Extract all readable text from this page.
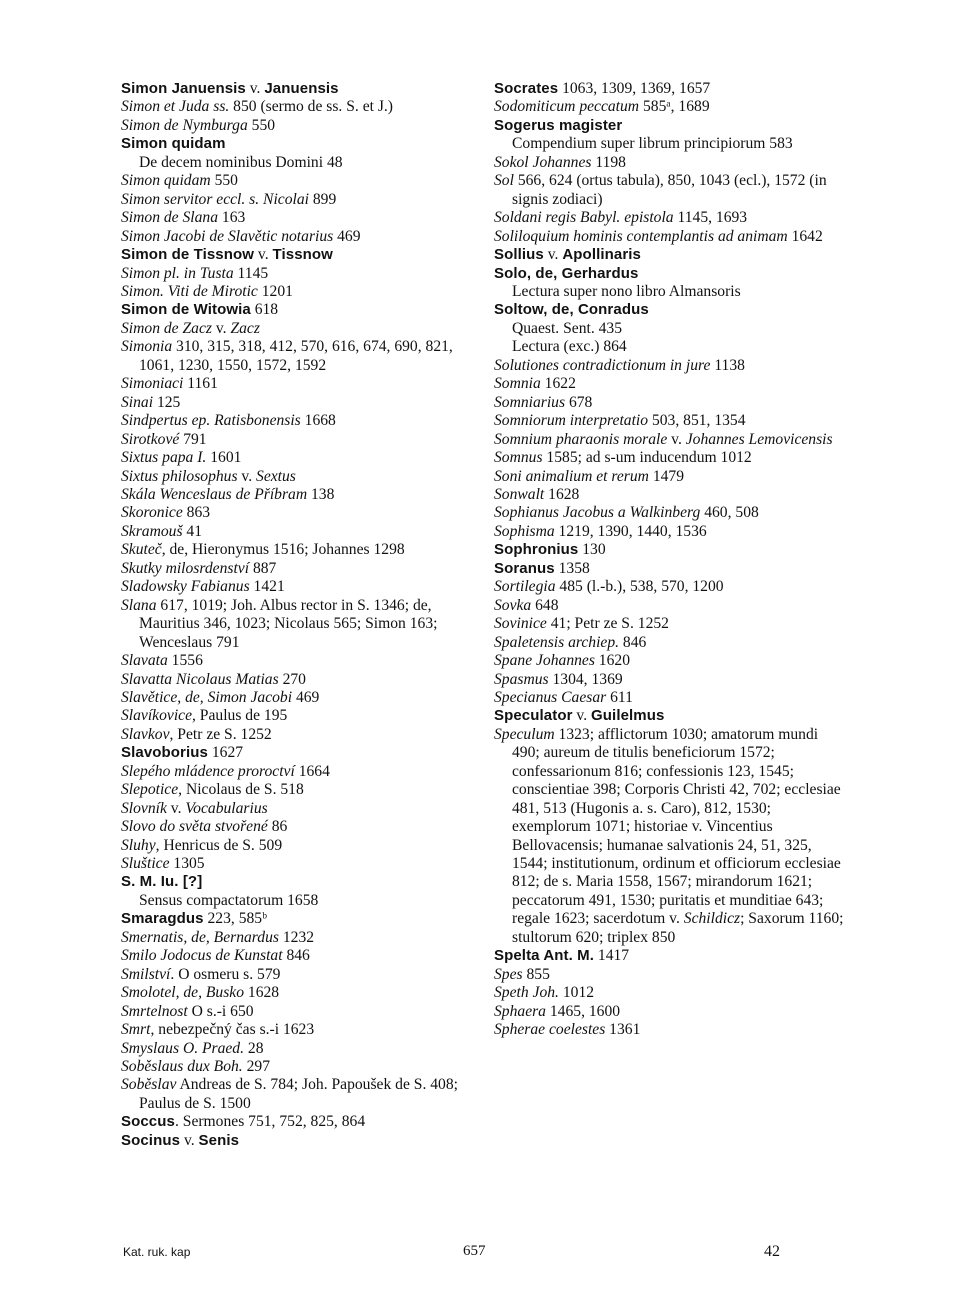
Simon Januensis v. Januensis
Simon et Juda ss. 850 (sermo de ss. S. et J.)
Simon de Nymburga 550
Simon quidam
De decem nominibus Domini 48
Simon quidam 550
Simon servitor eccl. s. Nicolai 899
Simon de Slana 163
Simon Jacobi de Slavětic notarius 469
Simon de Tissnow v. Tissnow
Simon pl. in Tusta 1145
Simon. Viti de Mirotic 1201
Simon de Witowia 618
Simon de Zacz v. Zacz
Simonia 310, 315, 318, 412, 570, 616, 674, 690, 821, 1061, 1230, 1550, 1572, 1592
Simoniaci 1161
Sinai 125
Sindpertus ep. Ratisbonensis 1668
Sirotkové 791
Sixtus papa I. 1601
Sixtus philosophus v. Sextus
Skála Wenceslaus de Příbram 138
Skoronice 863
Skramouš 41
Skuteč, de, Hieronymus 1516; Johannes 1298
Skutky milosrdenství 887
Sladowsky Fabianus 1421
Slana 617, 1019; Joh. Albus rector in S. 1346; de, Mauritius 346, 1023; Nicolaus 565; Simon 163; Wenceslaus 791
Slavata 1556
Slavatta Nicolaus Matias 270
Slavětice, de, Simon Jacobi 469
Slavíkovice, Paulus de 195
Slavkov, Petr ze S. 1252
Slavoborius 1627
Slepého mládence proroctví 1664
Slepotice, Nicolaus de S. 518
Slovník v. Vocabularius
Slovo do světa stvořené 86
Sluhy, Henricus de S. 509
Sluštice 1305
S. M. Iu. [?]
Sensus compactatorum 1658
Smaragdus 223, 585ᵇ
Smernatis, de, Bernardus 1232
Smilo Jodocus de Kunstat 846
Smilství. O osmeru s. 579
Smolotel, de, Busko 1628
Smrtelnost O s.-i 650
Smrt, nebezpečný čas s.-i 1623
Smyslaus O. Praed. 28
Soběslaus dux Boh. 297
Soběslav Andreas de S. 784; Joh. Papoušek de S. 408; Paulus de S. 1500
Soccus. Sermones 751, 752, 825, 864
Socinus v. Senis
Socrates 1063, 1309, 1369, 1657
Sodomiticum peccatum 585ᵃ, 1689
Sogerus magister
Compendium super librum principiorum 583
Sokol Johannes 1198
Sol 566, 624 (ortus tabula), 850, 1043 (ecl.), 1572 (in signis zodiaci)
Soldani regis Babyl. epistola 1145, 1693
Soliloquium hominis contemplantis ad animam 1642
Sollius v. Apollinaris
Solo, de, Gerhardus
Lectura super nono libro Almansoris
Soltow, de, Conradus
Quaest. Sent. 435
Lectura (exc.) 864
Solutiones contradictionum in jure 1138
Somnia 1622
Somniarius 678
Somniorum interpretatio 503, 851, 1354
Somnium pharaonis morale v. Johannes Lemovicensis
Somnus 1585; ad s-um inducendum 1012
Soni animalium et rerum 1479
Sonwalt 1628
Sophianus Jacobus a Walkinberg 460, 508
Sophisma 1219, 1390, 1440, 1536
Sophronius 130
Soranus 1358
Sortilegia 485 (l.-b.), 538, 570, 1200
Sovka 648
Sovinice 41; Petr ze S. 1252
Spaletensis archiep. 846
Spane Johannes 1620
Spasmus 1304, 1369
Specianus Caesar 611
Speculator v. Guilelmus
Speculum 1323; afflictorum 1030; amatorum mundi 490; aureum de titulis beneficiorum 1572; confessarionum 816; confessionis 123, 1545; conscientiae 398; Corporis Christi 42, 702; ecclesiae 481, 513 (Hugonis a. s. Caro), 812, 1530; exemplorum 1071; historiae v. Vincentius Bellovacensis; humanae salvationis 24, 51, 325, 1544; institutionum, ordinum et officiorum ecclesiae 812; de s. Maria 1558, 1567; mirandorum 1621; peccatorum 491, 1530; puritatis et munditiae 643; regale 1623; sacerdotum v. Schildicz; Saxorum 1160; stultorum 620; triplex 850
Spelta Ant. M. 1417
Spes 855
Speth Joh. 1012
Sphaera 1465, 1600
Spherae coelestes 1361
Kat. ruk. kap	657	42
